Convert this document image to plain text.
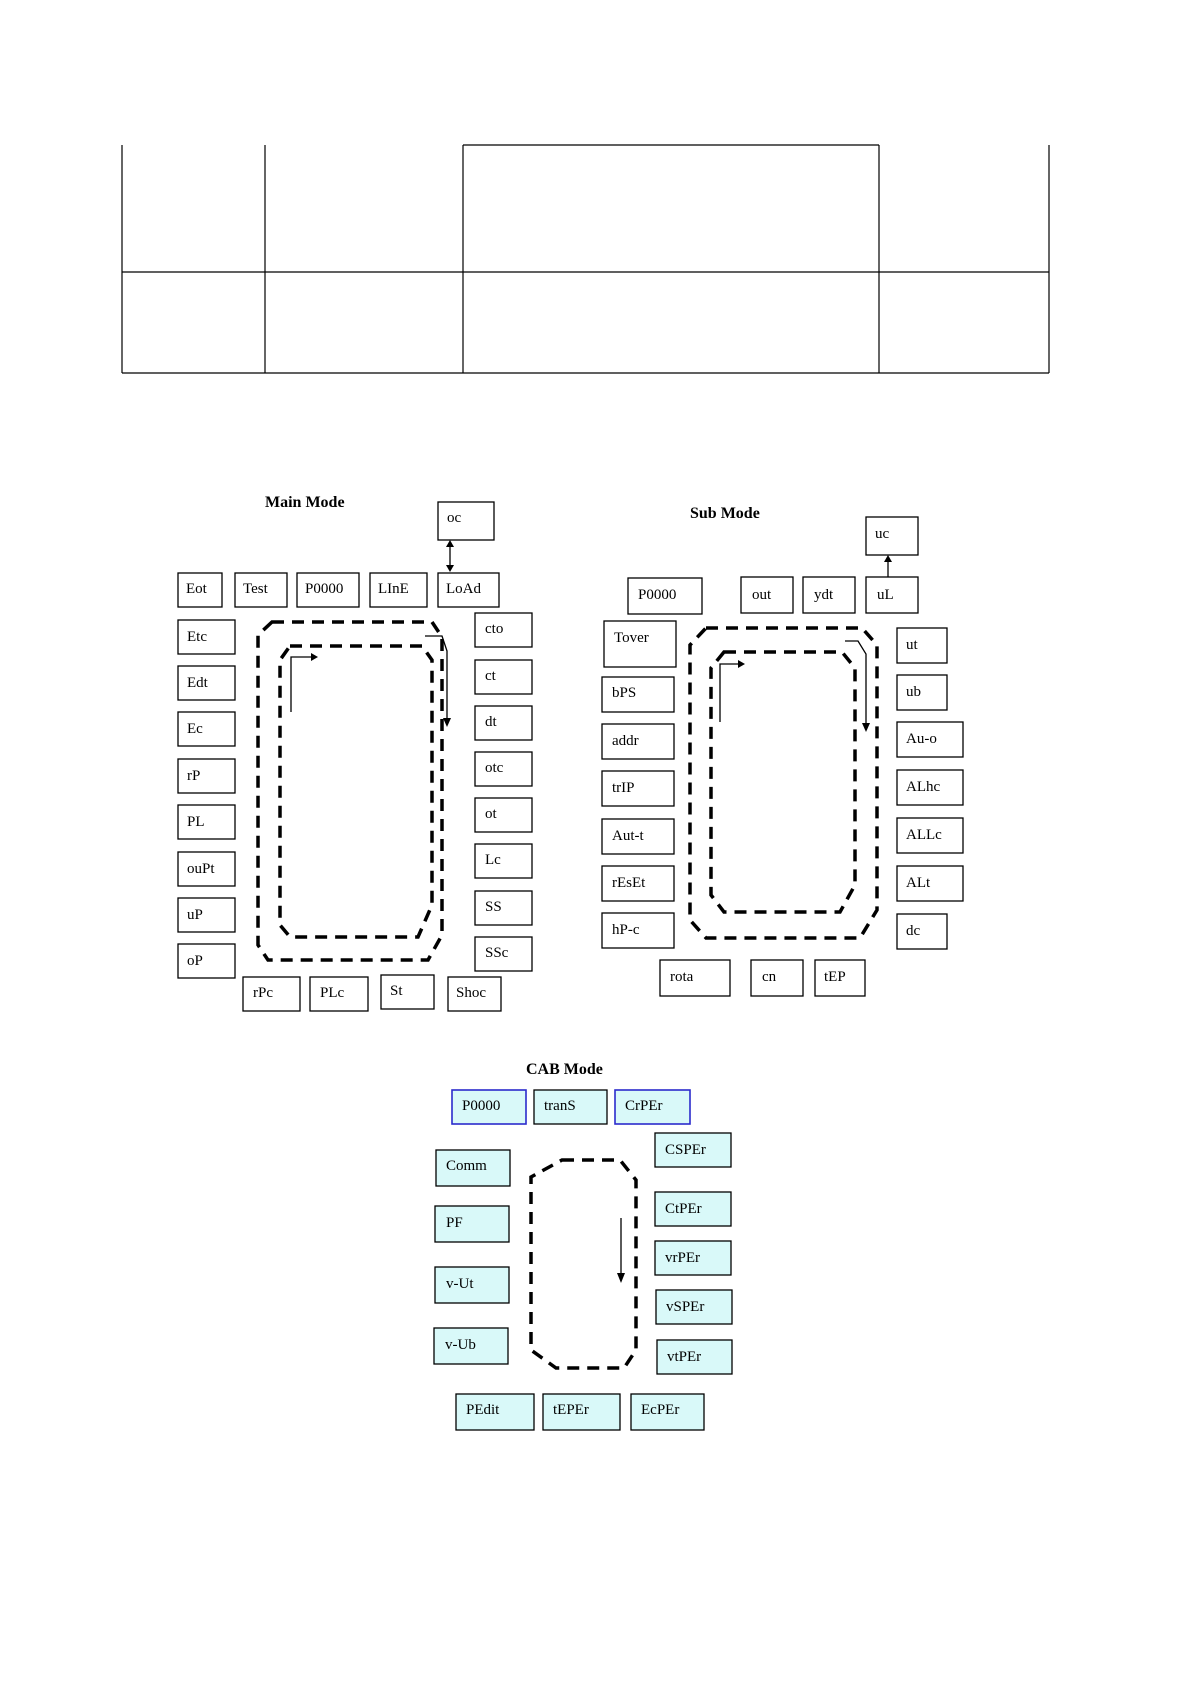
Main Mode
oc
Eot Test P0000 LInE LoAd
Etc
Edt
Ec
rP
PL
ouPt
uP
oP
cto
ct
dt
otc
ot
Lc
SS
SSc
rPc	PLc	St	Shoc
Sub Mode
uc
P0000	out	ydt	uL
Tover
bPS
addr
trIP
Aut-t
rEsEt
hP-c
ut
ub
Au-o
ALhc
ALLc
ALt
dc
rota	cn	tEP
CAB Mode
P0000	tranS	CrPEr
Comm
PF
v-Ut
v-Ub
CSPEr
CtPEr
vrPEr
vSPEr
vtPEr
PEdit	tEPEr	EcPEr
